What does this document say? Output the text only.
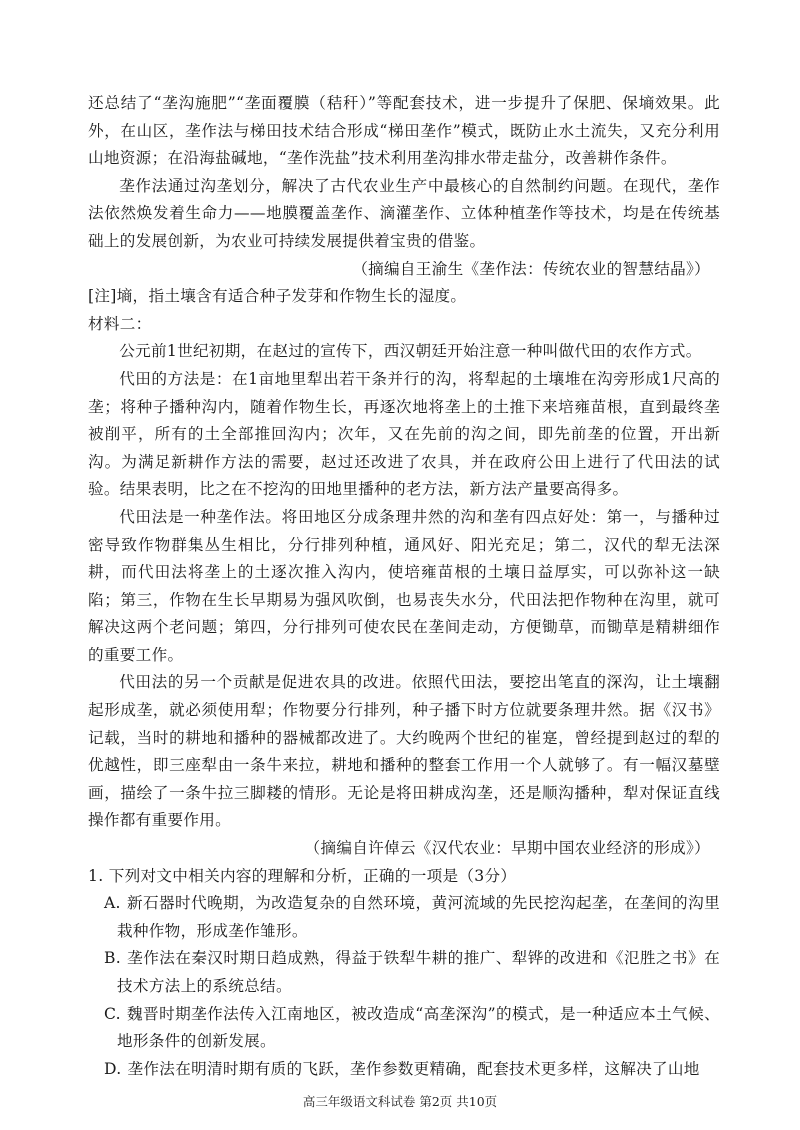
还总结了“垄沟施肥”“垄面覆膜（秸秆）”等配套技术，进一步提升了保肥、保墒效果。此外，在山区，垄作法与梯田技术结合形成“梯田垄作”模式，既防止水土流失，又充分利用山地资源；在沿海盐碱地，“垄作洗盐”技术利用垄沟排水带走盐分，改善耕作条件。

垄作法通过沟垄划分，解决了古代农业生产中最核心的自然制约问题。在现代，垄作法依然焕发着生命力——地膜覆盖垄作、滴灌垄作、立体种植垄作等技术，均是在传统基础上的发展创新，为农业可持续发展提供着宝贵的借鉴。

（摘编自王渝生《垄作法：传统农业的智慧结晶》）

[注]墒，指土壤含有适合种子发芽和作物生长的湿度。

材料二：

公元前1世纪初期，在赵过的宣传下，西汉朝廷开始注意一种叫做代田的农作方式。

代田的方法是：在1亩地里犁出若干条并行的沟，将犁起的土壤堆在沟旁形成1尺高的垄；将种子播种沟内，随着作物生长，再逐次地将垄上的土推下来培雍苗根，直到最终垄被削平，所有的土全部推回沟内；次年，又在先前的沟之间，即先前垄的位置，开出新沟。为满足新耕作方法的需要，赵过还改进了农具，并在政府公田上进行了代田法的试验。结果表明，比之在不挖沟的田地里播种的老方法，新方法产量要高得多。

代田法是一种垄作法。将田地区分成条理井然的沟和垄有四点好处：第一，与播种过密导致作物群集丛生相比，分行排列种植，通风好、阳光充足；第二，汉代的犁无法深耕，而代田法将垄上的土逐次推入沟内，使培雍苗根的土壤日益厚实，可以弥补这一缺陷；第三，作物在生长早期易为强风吹倒，也易丧失水分，代田法把作物种在沟里，就可解决这两个老问题；第四，分行排列可使农民在垄间走动，方便锄草，而锄草是精耕细作的重要工作。

代田法的另一个贡献是促进农具的改进。依照代田法，要挖出笔直的深沟，让土壤翻起形成垄，就必须使用犁；作物要分行排列，种子播下时方位就要条理井然。据《汉书》记载，当时的耕地和播种的器械都改进了。大约晚两个世纪的崔寔，曾经提到赵过的犁的优越性，即三座犁由一条牛来拉，耕地和播种的整套工作用一个人就够了。有一幅汉墓壁画，描绘了一条牛拉三脚耧的情形。无论是将田耕成沟垄，还是顺沟播种，犁对保证直线操作都有重要作用。

（摘编自许倬云《汉代农业：早期中国农业经济的形成》）

1. 下列对文中相关内容的理解和分析，正确的一项是（3分）

A. 新石器时代晚期，为改造复杂的自然环境，黄河流域的先民挖沟起垄，在垄间的沟里栽种作物，形成垄作雏形。

B. 垄作法在秦汉时期日趋成熟，得益于铁犁牛耕的推广、犁铧的改进和《氾胜之书》在技术方法上的系统总结。

C. 魏晋时期垄作法传入江南地区，被改造成“高垄深沟”的模式，是一种适应本土气候、地形条件的创新发展。

D. 垄作法在明清时期有质的飞跃，垄作参数更精确，配套技术更多样，这解决了山地

高三年级语文科试卷 第2页 共10页
